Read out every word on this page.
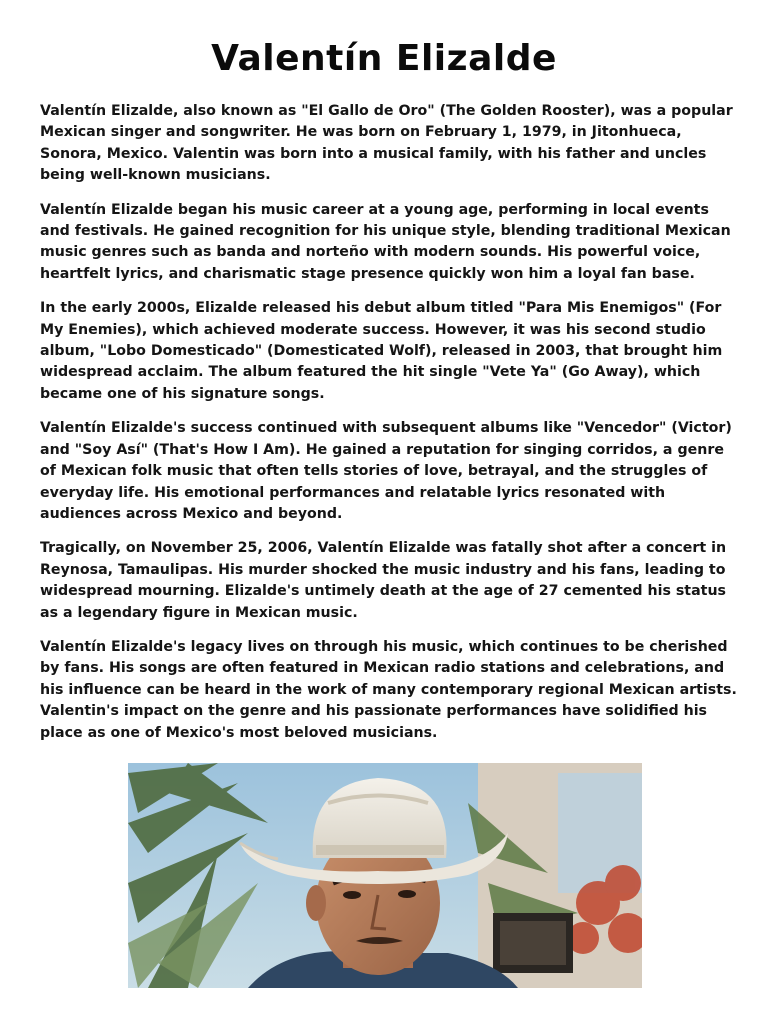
Valentín Elizalde

Valentín Elizalde, also known as "El Gallo de Oro" (The Golden Rooster), was a popular Mexican singer and songwriter. He was born on February 1, 1979, in Jitonhueca, Sonora, Mexico. Valentin was born into a musical family, with his father and uncles being well-known musicians.

Valentín Elizalde began his music career at a young age, performing in local events and festivals. He gained recognition for his unique style, blending traditional Mexican music genres such as banda and norteño with modern sounds. His powerful voice, heartfelt lyrics, and charismatic stage presence quickly won him a loyal fan base.

In the early 2000s, Elizalde released his debut album titled "Para Mis Enemigos" (For My Enemies), which achieved moderate success. However, it was his second studio album, "Lobo Domesticado" (Domesticated Wolf), released in 2003, that brought him widespread acclaim. The album featured the hit single "Vete Ya" (Go Away), which became one of his signature songs.

Valentín Elizalde's success continued with subsequent albums like "Vencedor" (Victor) and "Soy Así" (That's How I Am). He gained a reputation for singing corridos, a genre of Mexican folk music that often tells stories of love, betrayal, and the struggles of everyday life. His emotional performances and relatable lyrics resonated with audiences across Mexico and beyond.

Tragically, on November 25, 2006, Valentín Elizalde was fatally shot after a concert in Reynosa, Tamaulipas. His murder shocked the music industry and his fans, leading to widespread mourning. Elizalde's untimely death at the age of 27 cemented his status as a legendary figure in Mexican music.

Valentín Elizalde's legacy lives on through his music, which continues to be cherished by fans. His songs are often featured in Mexican radio stations and celebrations, and his influence can be heard in the work of many contemporary regional Mexican artists. Valentin's impact on the genre and his passionate performances have solidified his place as one of Mexico's most beloved musicians.
